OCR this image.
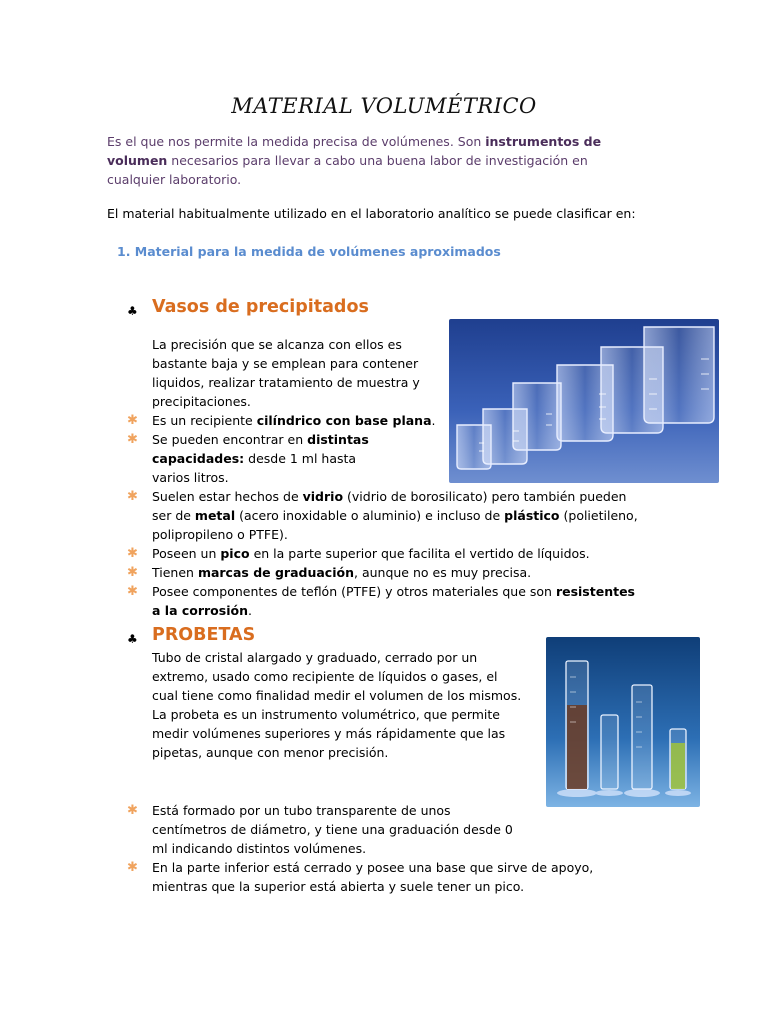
MATERIAL VOLUMÉTRICO
Es el que nos permite la medida precisa de volúmenes. Son instrumentos de volumen necesarios para llevar a cabo una buena labor de investigación en cualquier laboratorio.
El material habitualmente utilizado en el laboratorio analítico se puede clasificar en:
1. Material para la medida de volúmenes aproximados
♣ Vasos de precipitados
La precisión que se alcanza con ellos es bastante baja y se emplean para contener liquidos, realizar tratamiento de muestra y precipitaciones.
✱ Es un recipiente cilíndrico con base plana.
✱ Se pueden encontrar en distintas capacidades: desde 1 ml hasta varios litros.
✱ Suelen estar hechos de vidrio (vidrio de borosilicato) pero también pueden ser de metal (acero inoxidable o aluminio) e incluso de plástico (polietileno, polipropileno o PTFE).
✱ Poseen un pico en la parte superior que facilita el vertido de líquidos.
✱ Tienen marcas de graduación, aunque no es muy precisa.
✱ Posee componentes de teflón (PTFE) y otros materiales que son resistentes a la corrosión.
♣ PROBETAS
Tubo de cristal alargado y graduado, cerrado por un extremo, usado como recipiente de líquidos o gases, el cual tiene como finalidad medir el volumen de los mismos. La probeta es un instrumento volumétrico, que permite medir volúmenes superiores y más rápidamente que las pipetas, aunque con menor precisión.
✱ Está formado por un tubo transparente de unos centímetros de diámetro, y tiene una graduación desde 0 ml indicando distintos volúmenes.
✱ En la parte inferior está cerrado y posee una base que sirve de apoyo, mientras que la superior está abierta y suele tener un pico.
